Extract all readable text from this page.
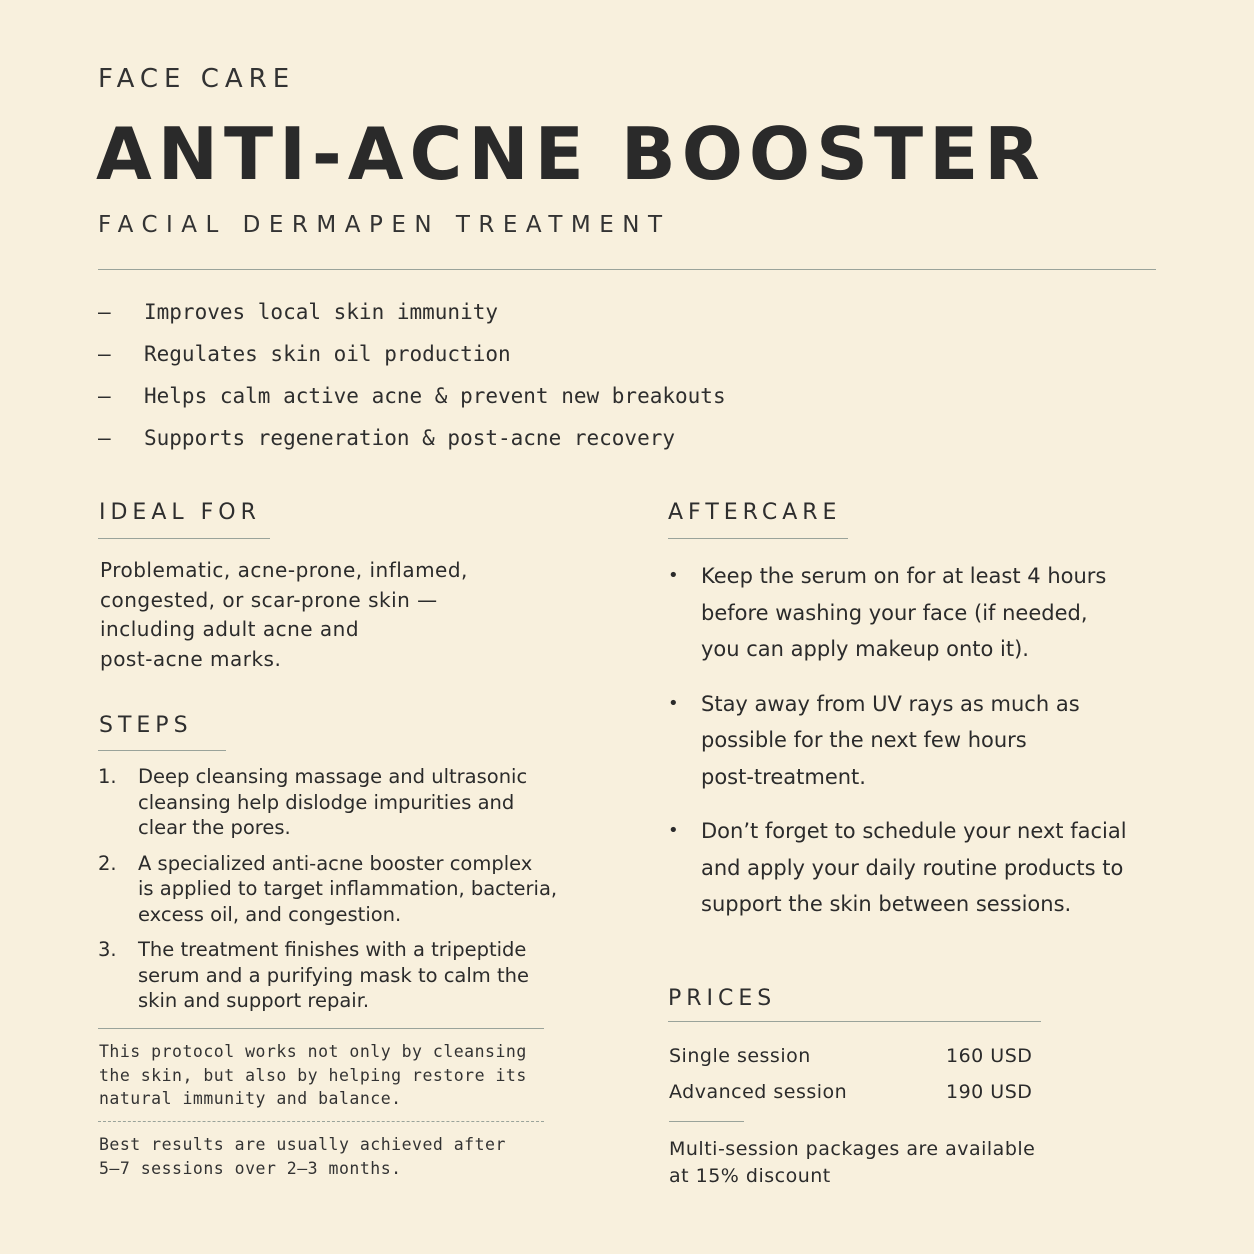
FACE CARE
ANTI-ACNE BOOSTER
FACIAL DERMAPEN TREATMENT
— Improves local skin immunity
— Regulates skin oil production
— Helps calm active acne & prevent new breakouts
— Supports regeneration & post-acne recovery
IDEAL FOR
Problematic, acne-prone, inflamed,
congested, or scar-prone skin —
including adult acne and
post-acne marks.
STEPS
1.	Deep cleansing massage and ultrasonic
cleansing help dislodge impurities and
clear the pores.
2.	A specialized anti-acne booster complex
is applied to target inflammation, bacteria,
excess oil, and congestion.
3.	The treatment finishes with a tripeptide
serum and a purifying mask to calm the
skin and support repair.
This protocol works not only by cleansing
the skin, but also by helping restore its
natural immunity and balance.
Best results are usually achieved after
5–7 sessions over 2–3 months.
AFTERCARE
•	Keep the serum on for at least 4 hours
before washing your face (if needed,
you can apply makeup onto it).
•	Stay away from UV rays as much as
possible for the next few hours
post-treatment.
•	Don’t forget to schedule your next facial
and apply your daily routine products to
support the skin between sessions.
PRICES
Single session	160 USD
Advanced session	190 USD
Multi-session packages are available
at 15% discount
